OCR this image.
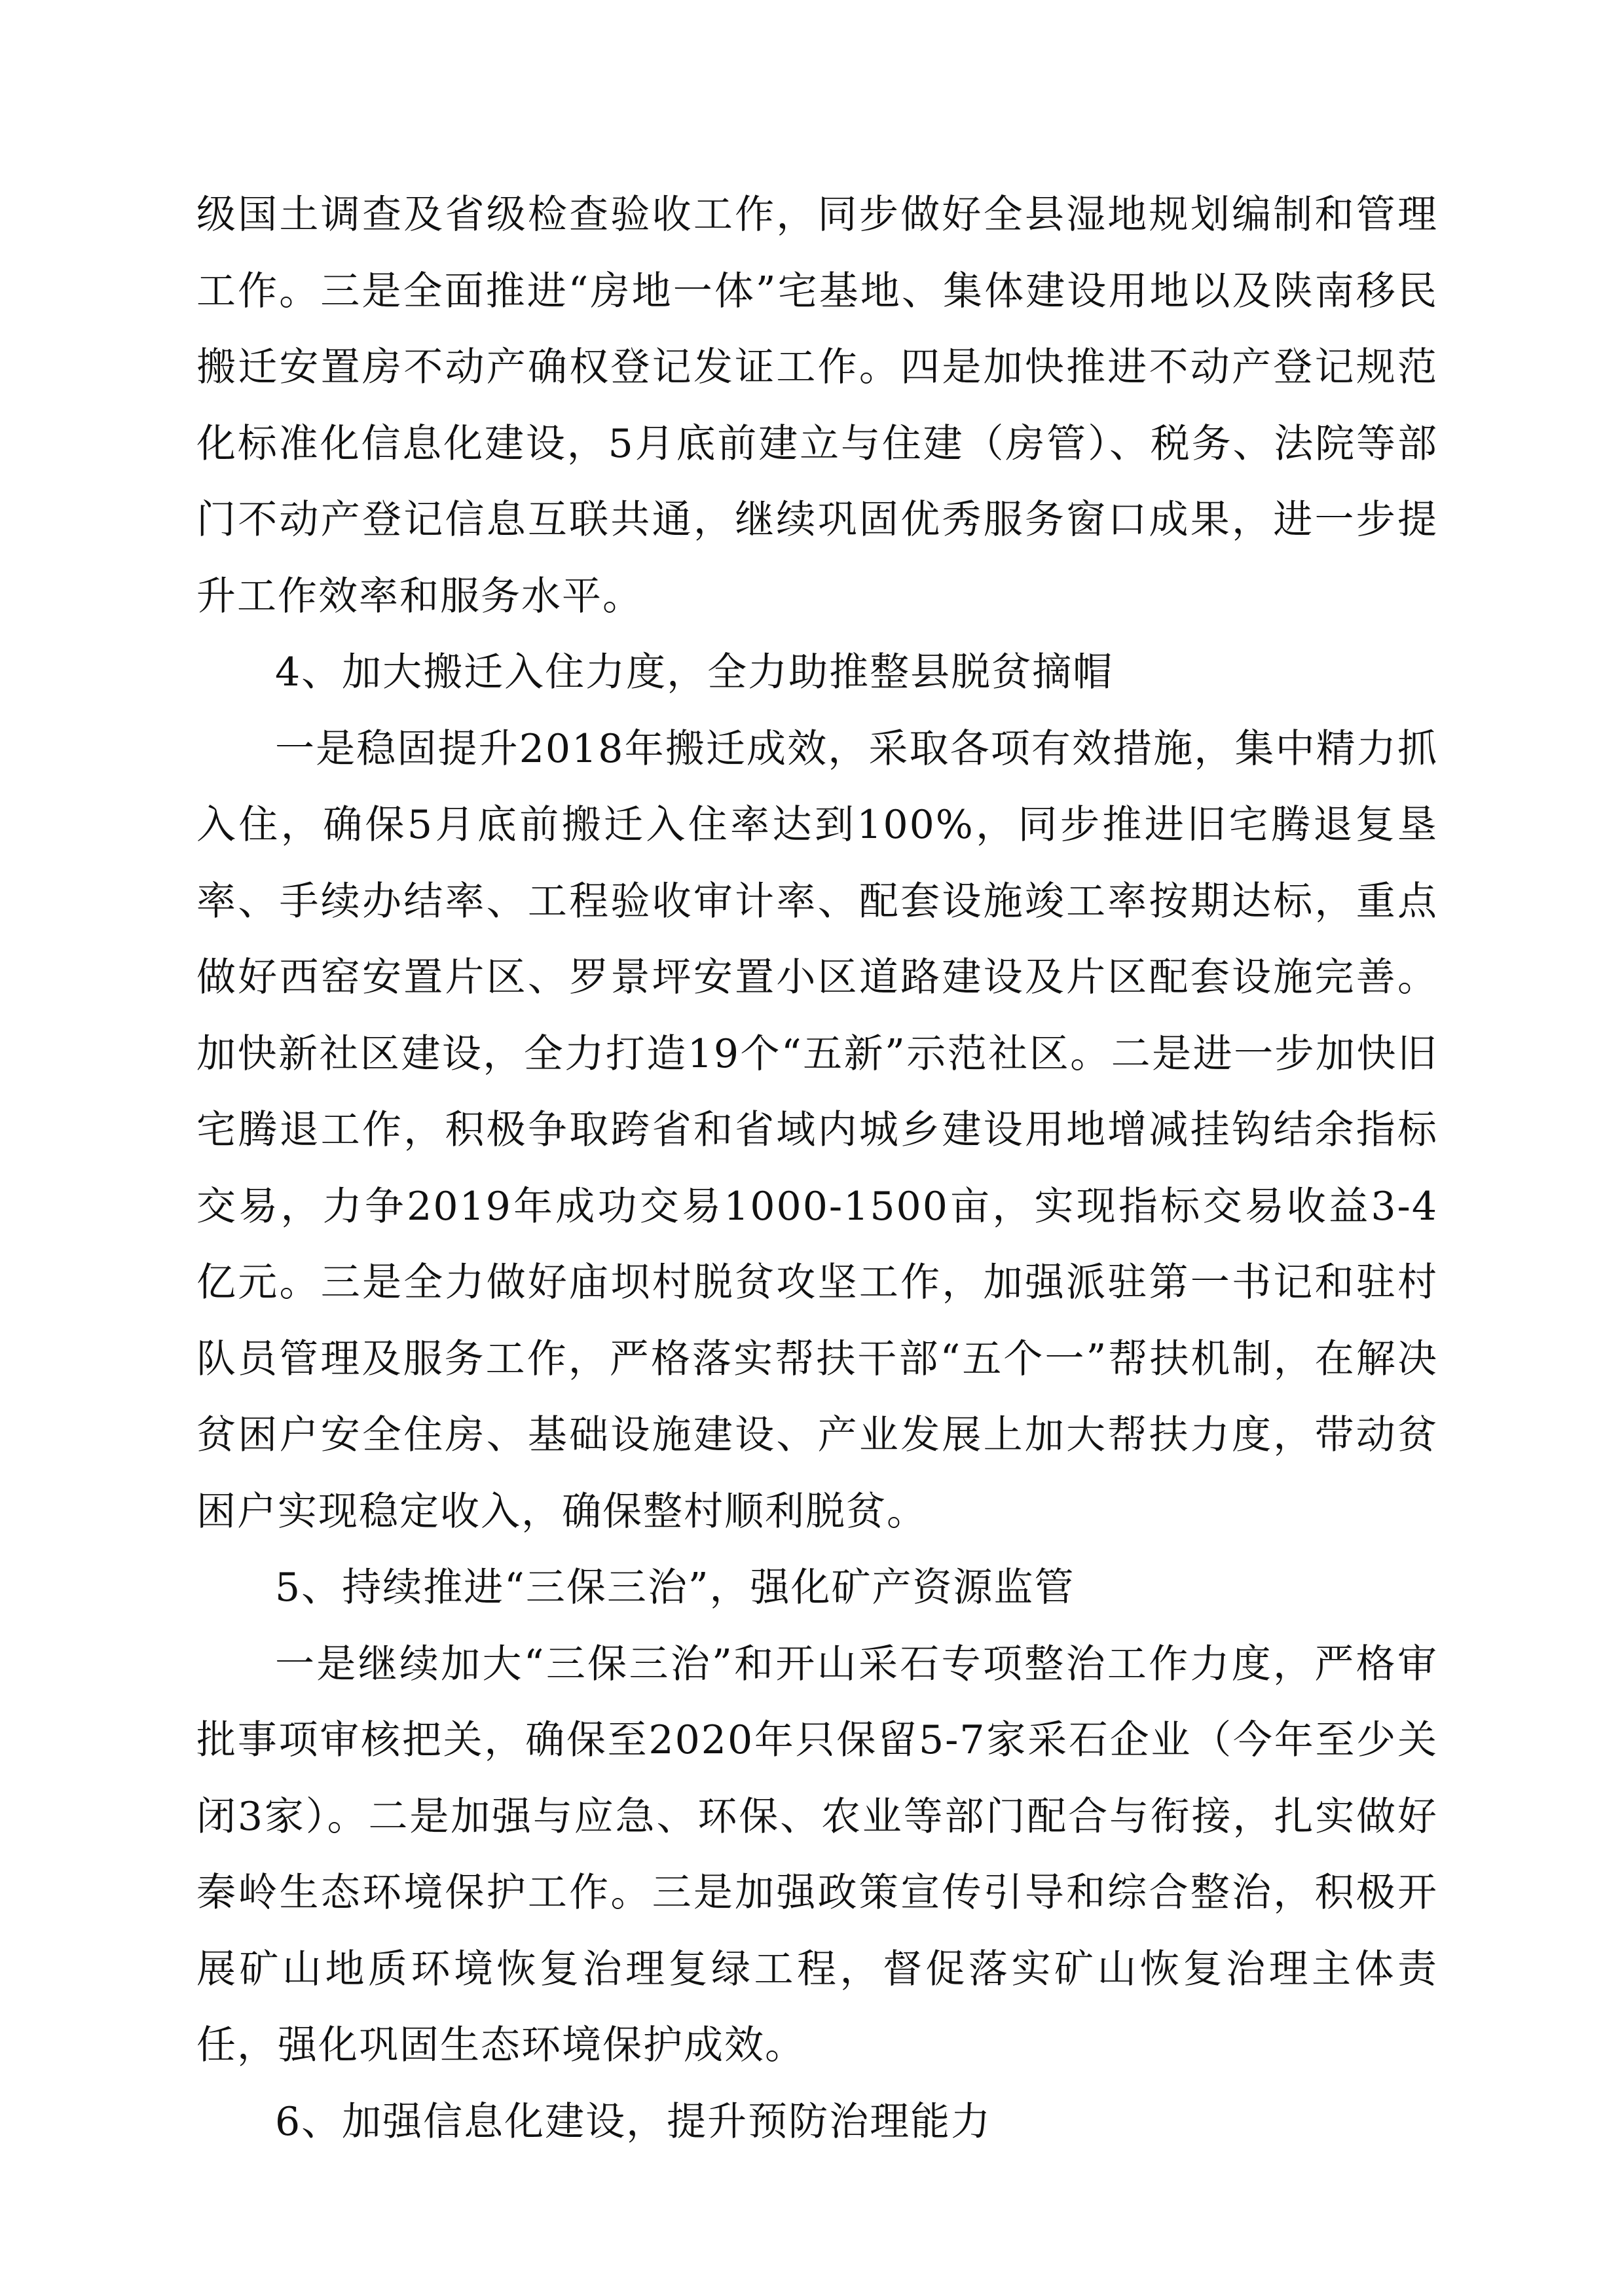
级国土调查及省级检查验收工作，同步做好全县湿地规划编制和管理工作。三是全面推进“房地一体”宅基地、集体建设用地以及陕南移民搬迁安置房不动产确权登记发证工作。四是加快推进不动产登记规范化标准化信息化建设，5月底前建立与住建（房管）、税务、法院等部门不动产登记信息互联共通，继续巩固优秀服务窗口成果，进一步提升工作效率和服务水平。

4、加大搬迁入住力度，全力助推整县脱贫摘帽

一是稳固提升2018年搬迁成效，采取各项有效措施，集中精力抓入住，确保5月底前搬迁入住率达到100%，同步推进旧宅腾退复垦率、手续办结率、工程验收审计率、配套设施竣工率按期达标，重点做好西窑安置片区、罗景坪安置小区道路建设及片区配套设施完善。加快新社区建设，全力打造19个“五新”示范社区。二是进一步加快旧宅腾退工作，积极争取跨省和省域内城乡建设用地增减挂钩结余指标交易，力争2019年成功交易1000-1500亩，实现指标交易收益3-4亿元。三是全力做好庙坝村脱贫攻坚工作，加强派驻第一书记和驻村队员管理及服务工作，严格落实帮扶干部“五个一”帮扶机制，在解决贫困户安全住房、基础设施建设、产业发展上加大帮扶力度，带动贫困户实现稳定收入，确保整村顺利脱贫。

5、持续推进“三保三治”，强化矿产资源监管

一是继续加大“三保三治”和开山采石专项整治工作力度，严格审批事项审核把关，确保至2020年只保留5-7家采石企业（今年至少关闭3家）。二是加强与应急、环保、农业等部门配合与衔接，扎实做好秦岭生态环境保护工作。三是加强政策宣传引导和综合整治，积极开展矿山地质环境恢复治理复绿工程，督促落实矿山恢复治理主体责任，强化巩固生态环境保护成效。

6、加强信息化建设，提升预防治理能力
